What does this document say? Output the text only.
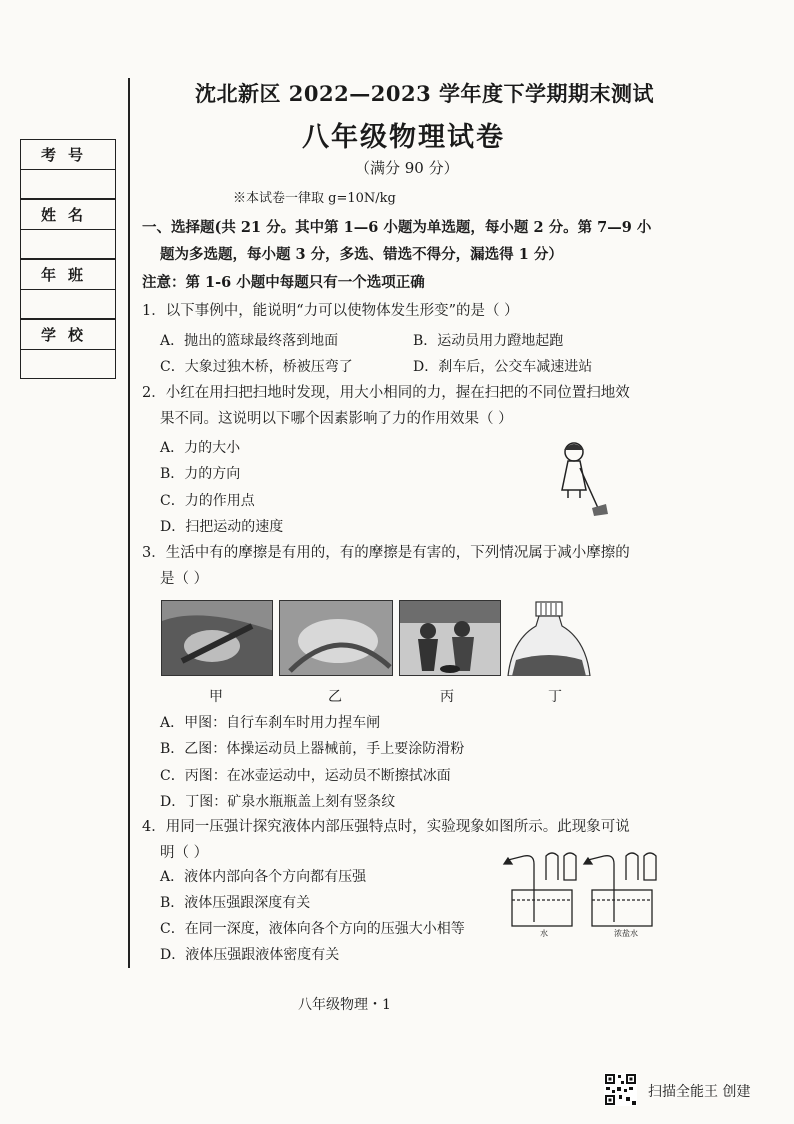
考号
姓名
年班
学校
沈北新区 2022—2023 学年度下学期期末测试
八年级物理试卷
（满分 90 分）
※本试卷一律取 g=10N/kg
一、选择题(共 21 分。其中第 1—6 小题为单选题，每小题 2 分。第 7—9 小
题为多选题，每小题 3 分，多选、错选不得分，漏选得 1 分）
注意：第 1-6 小题中每题只有一个选项正确
1．以下事例中，能说明“力可以使物体发生形变”的是（ ）
A．抛出的篮球最终落到地面	B．运动员用力蹬地起跑
C．大象过独木桥，桥被压弯了	D．刹车后，公交车减速进站
2．小红在用扫把扫地时发现，用大小相同的力，握在扫把的不同位置扫地效
果不同。这说明以下哪个因素影响了力的作用效果（ ）
A．力的大小
B．力的方向
C．力的作用点
D．扫把运动的速度
3．生活中有的摩擦是有用的，有的摩擦是有害的，下列情况属于减小摩擦的
是（ ）
甲	乙	丙	丁
A．甲图：自行车刹车时用力捏车闸
B．乙图：体操运动员上器械前，手上要涂防滑粉
C．丙图：在冰壶运动中，运动员不断擦拭冰面
D．丁图：矿泉水瓶瓶盖上刻有竖条纹
4．用同一压强计探究液体内部压强特点时，实验现象如图所示。此现象可说
明（ ）
A．液体内部向各个方向都有压强
B．液体压强跟深度有关
C．在同一深度，液体向各个方向的压强大小相等
D．液体压强跟液体密度有关
水	浓盐水
八年级物理・1
扫描全能王 创建
